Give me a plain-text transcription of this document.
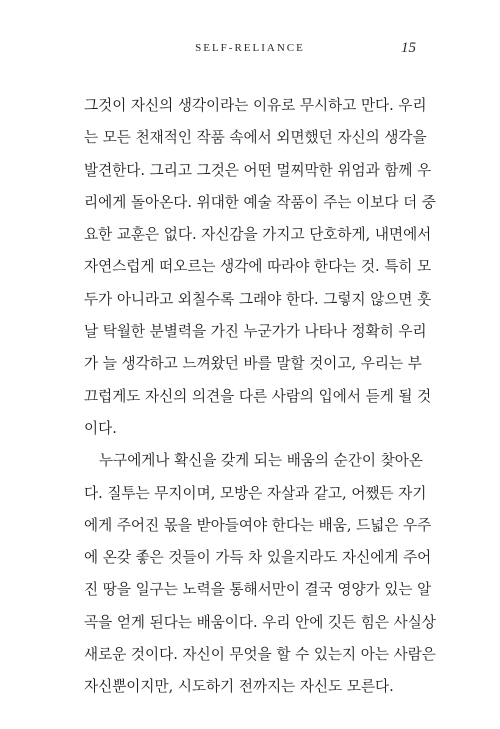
SELF-RELIANCE	15

그것이 자신의 생각이라는 이유로 무시하고 만다. 우리
는 모든 천재적인 작품 속에서 외면했던 자신의 생각을
발견한다. 그리고 그것은 어떤 멀찌막한 위엄과 함께 우
리에게 돌아온다. 위대한 예술 작품이 주는 이보다 더 중
요한 교훈은 없다. 자신감을 가지고 단호하게, 내면에서
자연스럽게 떠오르는 생각에 따라야 한다는 것. 특히 모
두가 아니라고 외칠수록 그래야 한다. 그렇지 않으면 훗
날 탁월한 분별력을 가진 누군가가 나타나 정확히 우리
가 늘 생각하고 느껴왔던 바를 말할 것이고, 우리는 부
끄럽게도 자신의 의견을 다른 사람의 입에서 듣게 될 것
이다.

누구에게나 확신을 갖게 되는 배움의 순간이 찾아온
다. 질투는 무지이며, 모방은 자살과 같고, 어쨌든 자기
에게 주어진 몫을 받아들여야 한다는 배움, 드넓은 우주
에 온갖 좋은 것들이 가득 차 있을지라도 자신에게 주어
진 땅을 일구는 노력을 통해서만이 결국 영양가 있는 알
곡을 얻게 된다는 배움이다. 우리 안에 깃든 힘은 사실상
새로운 것이다. 자신이 무엇을 할 수 있는지 아는 사람은
자신뿐이지만, 시도하기 전까지는 자신도 모른다.
